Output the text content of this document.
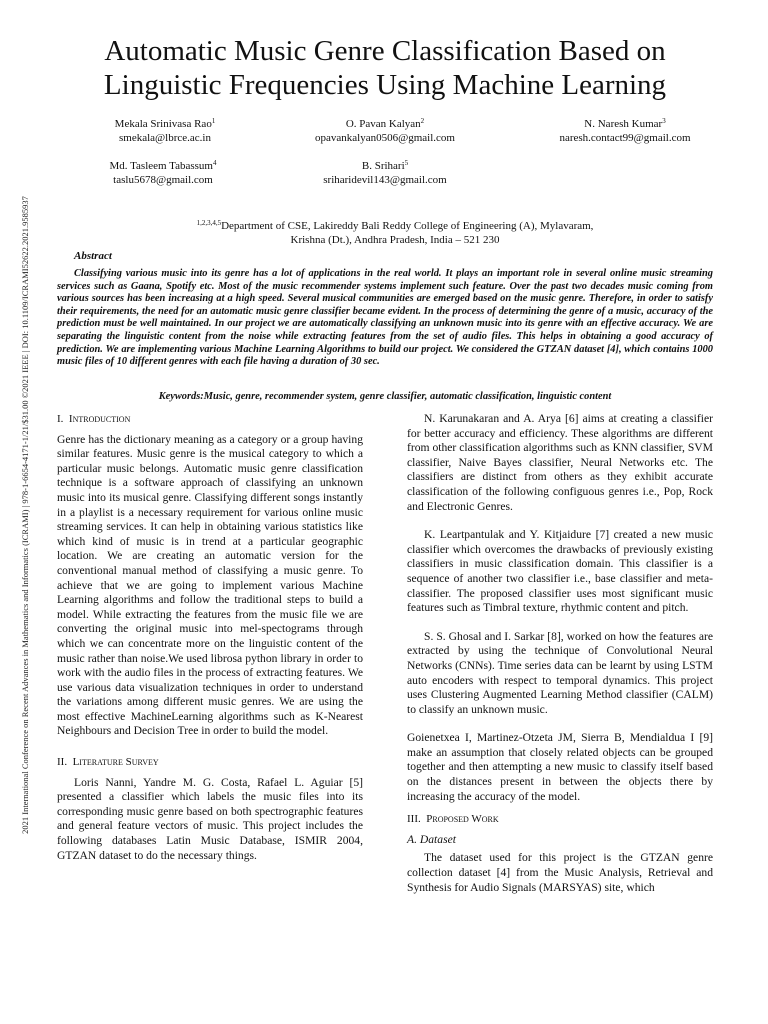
2021 International Conference on Recent Advances in Mathematics and Informatics (ICRAMI) | 978-1-6654-4171-1/21/$31.00 ©2021 IEEE | DOI: 10.1109/ICRAMI52622.2021.9585937
Automatic Music Genre Classification Based on Linguistic Frequencies Using Machine Learning
Mekala Srinivasa Rao$^1$
smekala@lbrce.ac.in
O. Pavan Kalyan$^2$
opavankalyan0506@gmail.com
N. Naresh Kumar$^3$
naresh.contact99@gmail.com
Md. Tasleem Tabassum$^4$
taslu5678@gmail.com
B. Srihari$^5$
sriharidevil143@gmail.com
$^{1,2,3,4,5}$Department of CSE, Lakireddy Bali Reddy College of Engineering (A), Mylavaram,
Krishna (Dt.), Andhra Pradesh, India – 521 230
Abstract

Classifying various music into its genre has a lot of applications in the real world. It plays an important role in several online music streaming services such as Gaana, Spotify etc. Most of the music recommender systems implement such feature. Over the past two decades music coming from various sources has been increasing at a high speed. Several musical communities are emerged based on the music genre. Therefore, in order to satisfy their requirements, the need for an automatic music genre classifier became evident. In the process of determining the genre of a music, accuracy of the prediction must be well maintained. In our project we are automatically classifying an unknown music into its genre with an effective accuracy. We are separating the linguistic content from the noise while extracting features from the set of audio files. This helps in obtaining a good accuracy of prediction. We are implementing various Machine Learning Algorithms to build our project. We considered the GTZAN dataset [4], which contains 1000 music files of 10 different genres with each file having a duration of 30 sec.

Keywords:Music, genre, recommender system, genre classifier, automatic classification, linguistic content

I. Introduction

Genre has the dictionary meaning as a category or a group having similar features. Music genre is the musical category to which a particular music belongs. Automatic music genre classification technique is a software approach of classifying an unknown music into its musical genre. Classifying different songs instantly in a playlist is a necessary requirement for various online music streaming services. It can help in obtaining various statistics like which kind of music is in trend at a particular geographic location. We are creating an automatic version for the conventional manual method of classifying a music genre. To achieve that we are going to implement various Machine Learning algorithms and follow the traditional steps to build a model. While extracting the features from the music file we are converting the original music into mel-spectograms through which we can concentrate more on the linguistic content of the music rather than noise.We used librosa python library in order to work with the audio files in the process of extracting features. We use various data visualization techniques in order to understand the variations among different music genres. We are using the most effective MachineLearning algorithms such as K-Nearest Neighbours and Decision Tree in order to build the model.

II. Literature Survey

Loris Nanni, Yandre M. G. Costa, Rafael L. Aguiar [5] presented a classifier which labels the music files into its corresponding music genre based on both spectrographic features and general feature vectors of music. This project includes the following databases Latin Music Database, ISMIR 2004, GTZAN dataset to do the necessary things.

N. Karunakaran and A. Arya [6] aims at creating a classifier for better accuracy and efficiency. These algorithms are different from other classification algorithms such as KNN classifier, SVM classifier, Naive Bayes classifier, Neural Networks etc. The classifiers are distinct from others as they exhibit accurate classification of the following configuous genres i.e., Pop, Rock and Electronic Genres.

K. Leartpantulak and Y. Kitjaidure [7] created a new music classifier which overcomes the drawbacks of previously existing classifiers in music classification domain. This classifier is a sequence of another two classifier i.e., base classifier and meta-classifier. The proposed classifier uses most significant music features such as Timbral texture, rhythmic content and pitch.

S. S. Ghosal and I. Sarkar [8], worked on how the features are extracted by using the technique of Convolutional Neural Networks (CNNs). Time series data can be learnt by using LSTM auto encoders with respect to temporal dynamics. This project uses Clustering Augmented Learning Method classifier (CALM) to classify an unknown music.

Goienetxea I, Martinez-Otzeta JM, Sierra B, Mendialdua I [9] make an assumption that closely related objects can be grouped together and then attempting a new music to classify itself based on the distances present in between the objects there by increasing the accuracy of the model.

III. Proposed Work

A. Dataset

The dataset used for this project is the GTZAN genre collection dataset [4] from the Music Analysis, Retrieval and Synthesis for Audio Signals (MARSYAS) site, which
